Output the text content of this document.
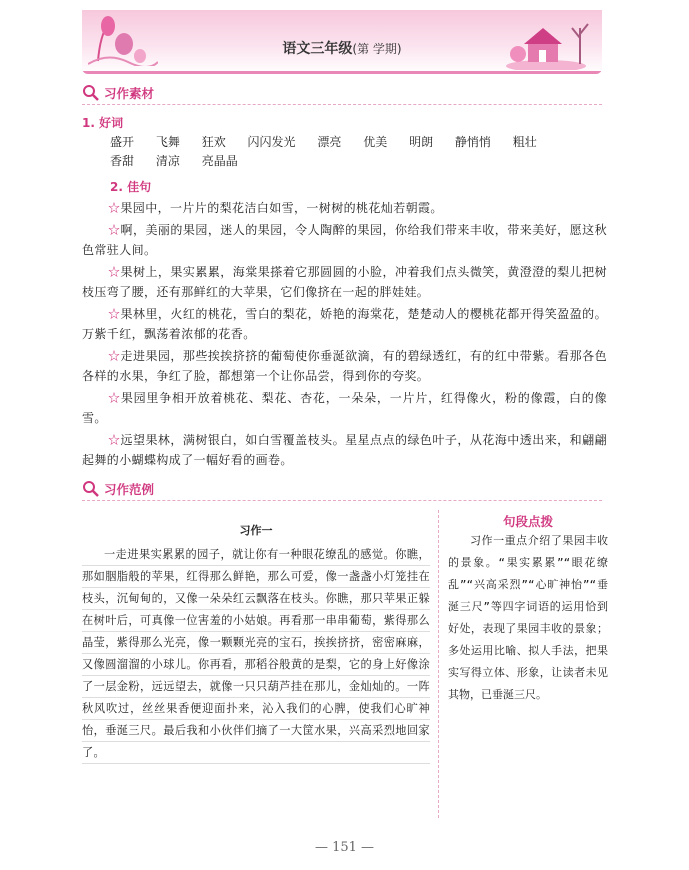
语文三年级(第 学期)
习作素材
1. 好词
盛开 飞舞 狂欢 闪闪发光 漂亮 优美 明朗 静悄悄 粗壮 香甜 清凉 亮晶晶
2. 佳句

☆果园中，一片片的梨花洁白如雪，一树树的桃花灿若朝霞。

☆啊，美丽的果园，迷人的果园，令人陶醉的果园，你给我们带来丰收，带来美好，愿这秋色常驻人间。

☆果树上，果实累累，海棠果搽着它那圆圆的小脸，冲着我们点头微笑，黄澄澄的梨儿把树枝压弯了腰，还有那鲜红的大苹果，它们像挤在一起的胖娃娃。

☆果林里，火红的桃花，雪白的梨花，娇艳的海棠花，楚楚动人的樱桃花都开得笑盈盈的。万紫千红，飘荡着浓郁的花香。

☆走进果园，那些挨挨挤挤的葡萄使你垂涎欲滴，有的碧绿透红，有的红中带紫。看那各色各样的水果，争红了脸，都想第一个让你品尝，得到你的夸奖。

☆果园里争相开放着桃花、梨花、杏花，一朵朵，一片片，红得像火，粉的像霞，白的像雪。

☆远望果林，满树银白，如白雪覆盖枝头。星星点点的绿色叶子，从花海中透出来，和翩翩起舞的小蝴蝶构成了一幅好看的画卷。

习作范例
习作一

一走进果实累累的园子，就让你有一种眼花缭乱的感觉。你瞧，那如胭脂般的苹果，红得那么鲜艳，那么可爱，像一盏盏小灯笼挂在枝头，沉甸甸的，又像一朵朵红云飘落在枝头。你瞧，那只苹果正躲在树叶后，可真像一位害羞的小姑娘。再看那一串串葡萄，紫得那么晶莹，紫得那么光亮，像一颗颗光亮的宝石，挨挨挤挤，密密麻麻，又像圆溜溜的小球儿。你再看，那稻谷般黄的是梨，它的身上好像涂了一层金粉，远远望去，就像一只只葫芦挂在那儿，金灿灿的。一阵秋风吹过，丝丝果香便迎面扑来，沁入我们的心脾，使我们心旷神怡，垂涎三尺。最后我和小伙伴们摘了一大筐水果，兴高采烈地回家了。

句段点拨

习作一重点介绍了果园丰收的景象。“果实累累”“眼花缭乱”“兴高采烈”“心旷神怡”“垂涎三尺”等四字词语的运用恰到好处，表现了果园丰收的景象；多处运用比喻、拟人手法，把果实写得立体、形象，让读者未见其物，已垂涎三尺。

— 151 —
